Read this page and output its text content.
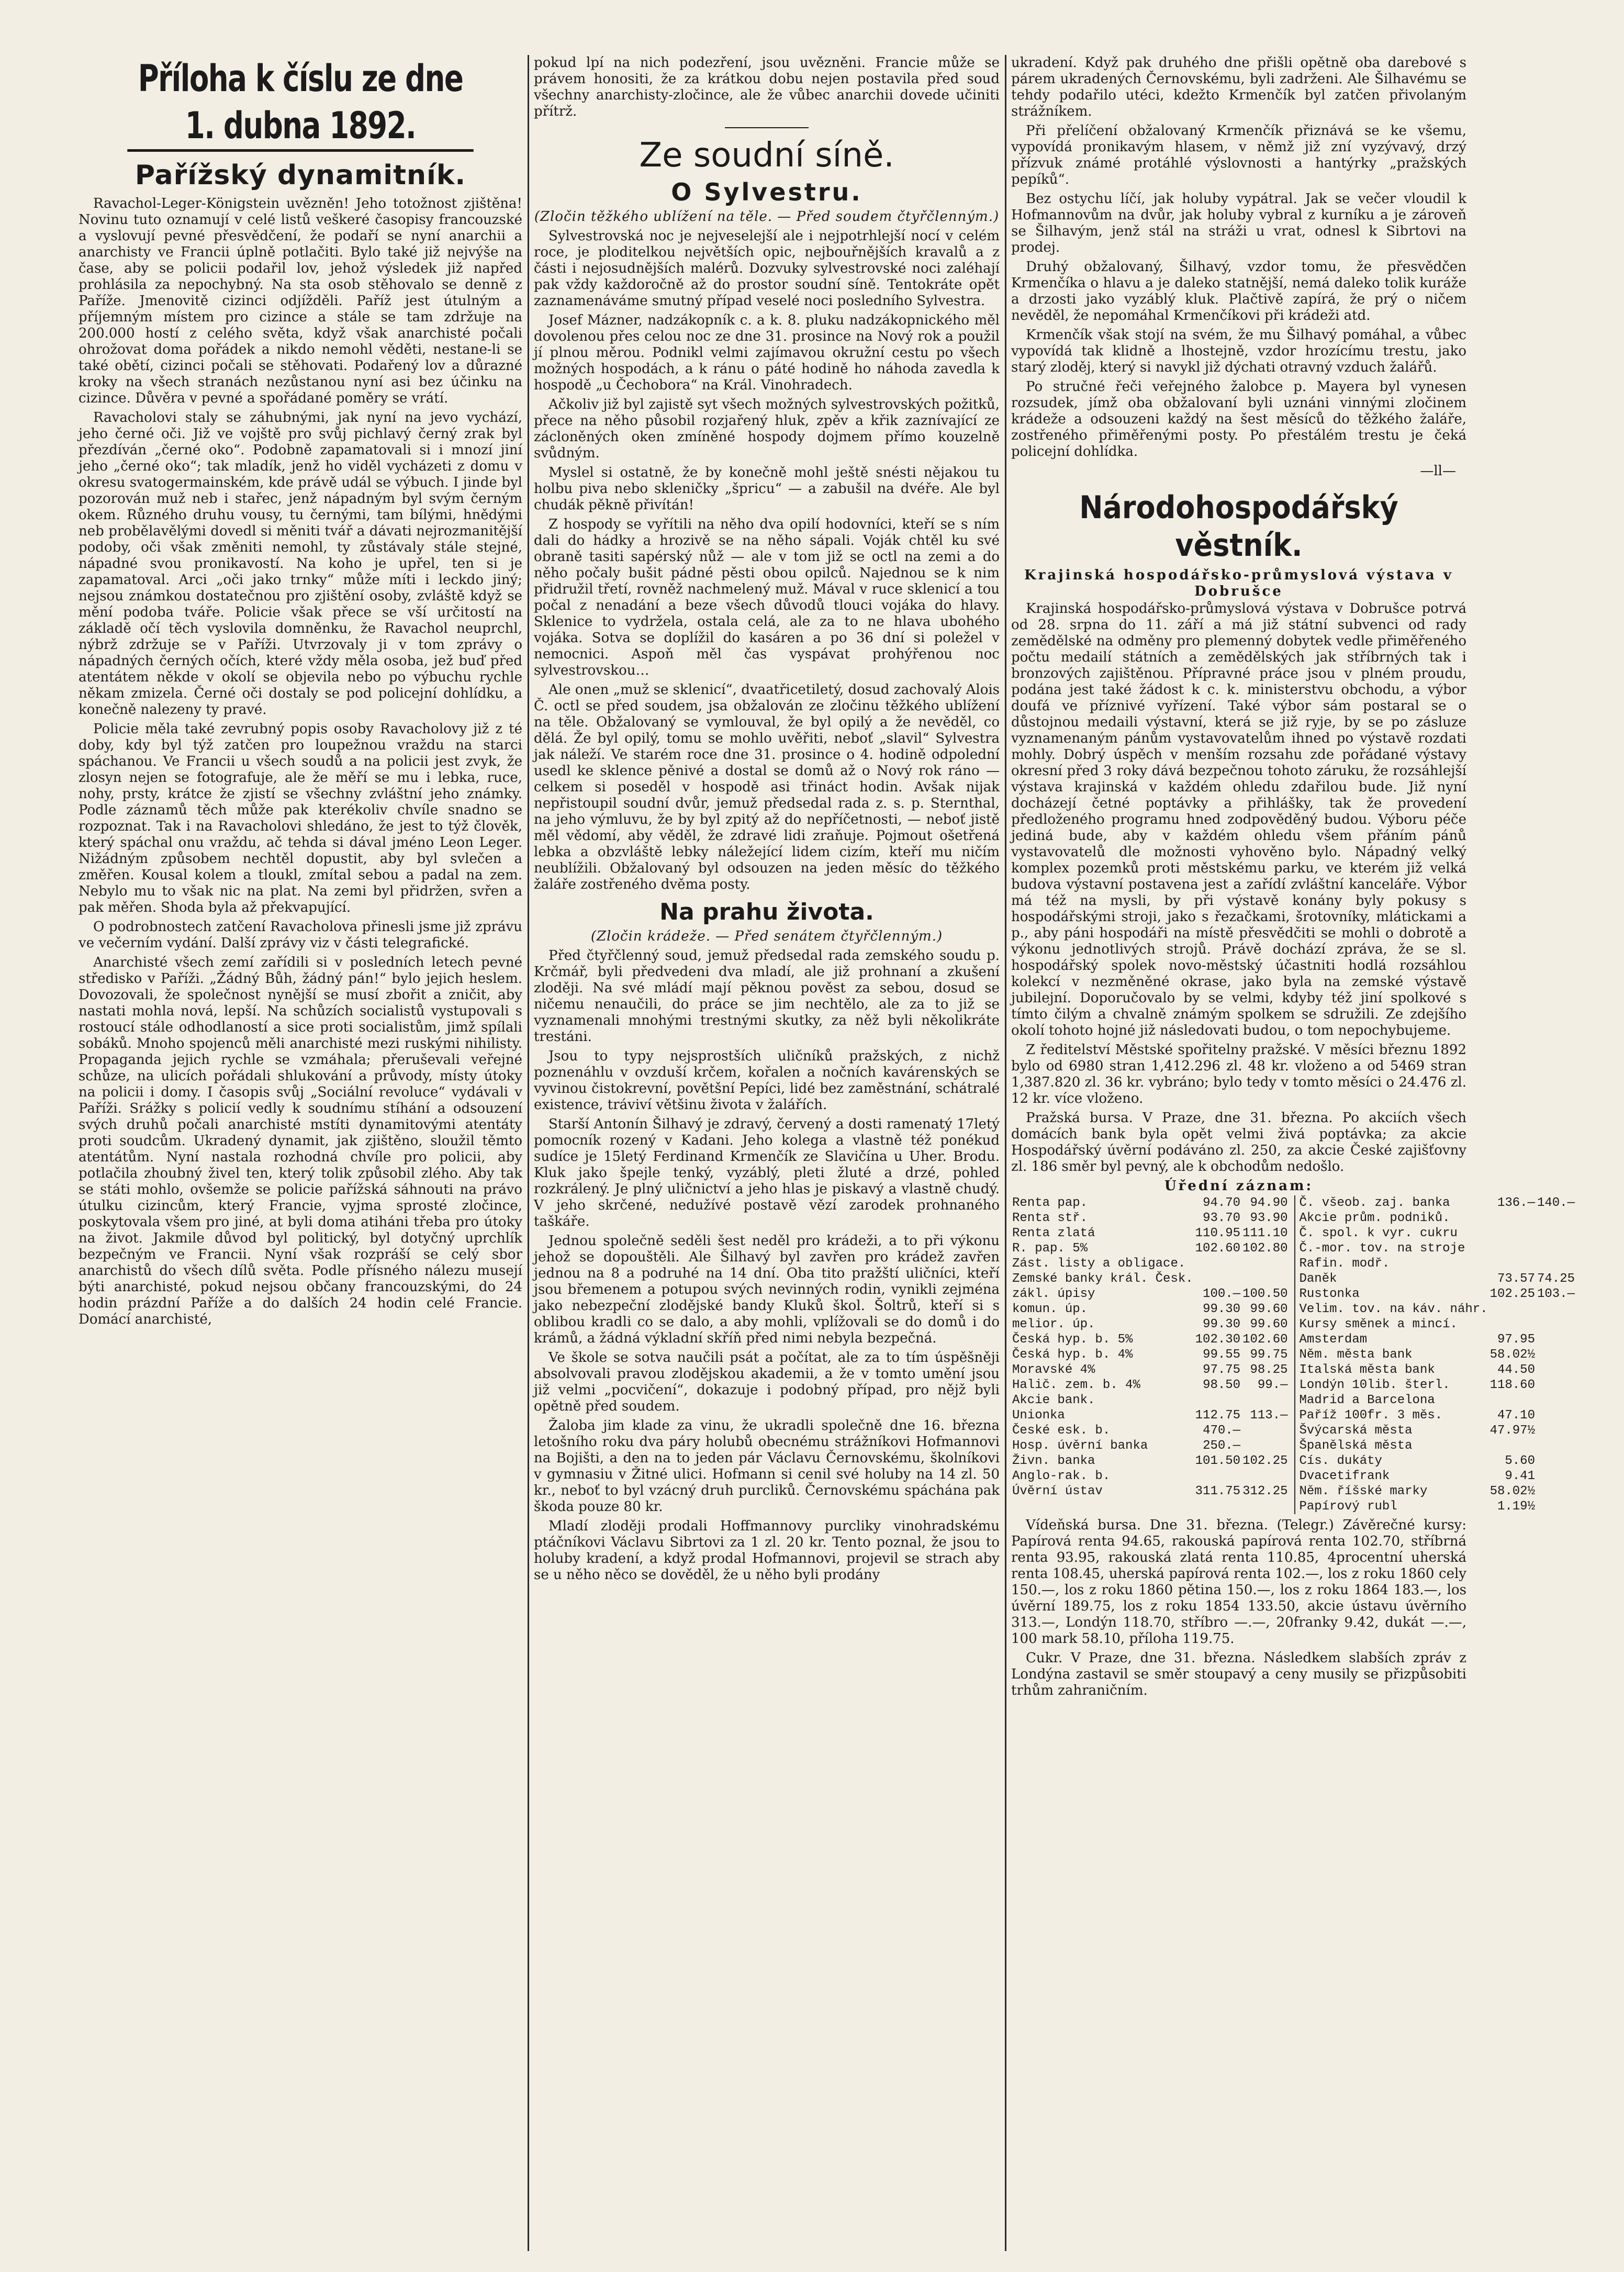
Příloha k číslu ze dne 1. dubna 1892.
Pařížský dynamitník.

Ravachol-Leger-Königstein uvězněn! Jeho totožnost zjištěna! Novinu tuto oznamují v celé listů veškeré časopisy francouzské a vyslovují pevné přesvědčení, že podaří se nyní anarchii a anarchisty ve Francii úplně potlačiti. Bylo také již nejvýše na čase, aby se policii podařil lov, jehož výsledek již napřed prohlásila za nepochybný. Na sta osob stěhovalo se denně z Paříže. Jmenovitě cizinci odjížděli. Paříž jest útulným a příjemným místem pro cizince a stále se tam zdržuje na 200.000 hostí z celého světa, když však anarchisté počali ohrožovat doma pořádek a nikdo nemohl věděti, nestane-li se také obětí, cizinci počali se stěhovati. Podařený lov a důrazné kroky na všech stranách nezůstanou nyní asi bez účinku na cizince. Důvěra v pevné a spořádané poměry se vrátí.

Ravacholovi staly se záhubnými, jak nyní na jevo vychází, jeho černé oči. Již ve vojště pro svůj pichlavý černý zrak byl přezdíván „černé oko“. Podobně zapamatovali si i mnozí jiní jeho „černé oko“; tak mladík, jenž ho viděl vycházeti z domu v okresu svatogermainském, kde právě udál se výbuch. I jinde byl pozorován muž neb i stařec, jenž nápadným byl svým černým okem. Různého druhu vousy, tu černými, tam bílými, hnědými neb probělavělými dovedl si měniti tvář a dávati nejrozmanitější podoby, oči však změniti nemohl, ty zůstávaly stále stejné, nápadné svou pronikavostí. Na koho je upřel, ten si je zapamatoval. Arci „oči jako trnky“ může míti i leckdo jiný; nejsou známkou dostatečnou pro zjištění osoby, zvláště když se mění podoba tváře. Policie však přece se vší určitostí na základě očí těch vyslovila domněnku, že Ravachol neuprchl, nýbrž zdržuje se v Paříži. Utvrzovaly ji v tom zprávy o nápadných černých očích, které vždy měla osoba, jež buď před atentátem někde v okolí se objevila nebo po výbuchu rychle někam zmizela. Černé oči dostaly se pod policejní dohlídku, a konečně nalezeny ty pravé.

Policie měla také zevrubný popis osoby Ravacholovy již z té doby, kdy byl týž zatčen pro loupežnou vraždu na starci spáchanou. Ve Francii u všech soudů a na policii jest zvyk, že zlosyn nejen se fotografuje, ale že měří se mu i lebka, ruce, nohy, prsty, krátce že zjistí se všechny zvláštní jeho známky. Podle záznamů těch může pak kterékoliv chvíle snadno se rozpoznat. Tak i na Ravacholovi shledáno, že jest to týž člověk, který spáchal onu vraždu, ač tehda si dával jméno Leon Leger. Nižádným způsobem nechtěl dopustit, aby byl svlečen a změřen. Kousal kolem a tloukl, zmítal sebou a padal na zem. Nebylo mu to však nic na plat. Na zemi byl přidržen, svřen a pak měřen. Shoda byla až překvapující.

O podrobnostech zatčení Ravacholova přinesli jsme již zprávu ve večerním vydání. Další zprávy viz v části telegrafické.

Anarchisté všech zemí zařídili si v posledních letech pevné středisko v Paříži. „Žádný Bůh, žádný pán!“ bylo jejich heslem. Dovozovali, že společnost nynější se musí zbořit a zničit, aby nastati mohla nová, lepší. Na schůzích socialistů vystupovali s rostoucí stále odhodlaností a sice proti socialistům, jimž spílali sobáků. Mnoho spojenců měli anarchisté mezi ruskými nihilisty. Propaganda jejich rychle se vzmáhala; přeruševali veřejné schůze, na ulicích pořádali shlukování a průvody, místy útoky na policii i domy. I časopis svůj „Sociální revoluce“ vydávali v Paříži. Srážky s policií vedly k soudnímu stíhání a odsouzení svých druhů počali anarchisté mstíti dynamitovými atentáty proti soudcům. Ukradený dynamit, jak zjištěno, sloužil těmto atentátům. Nyní nastala rozhodná chvíle pro policii, aby potlačila zhoubný živel ten, který tolik způsobil zlého. Aby tak se státi mohlo, ovšemže se policie pařížská sáhnouti na právo útulku cizincům, který Francie, vyjma sprosté zločince, poskytovala všem pro jiné, at byli doma atiháni třeba pro útoky na život. Jakmile důvod byl politický, byl dotyčný uprchlík bezpečným ve Francii. Nyní však rozpráší se celý sbor anarchistů do všech dílů světa. Podle přísného nálezu musejí býti anarchisté, pokud nejsou občany francouzskými, do 24 hodin prázdní Paříže a do dalších 24 hodin celé Francie. Domácí anarchisté,

pokud lpí na nich podezření, jsou uvězněni. Francie může se právem honositi, že za krátkou dobu nejen postavila před soud všechny anarchisty-zločince, ale že vůbec anarchii dovede učiniti přítrž.

Ze soudní síně.
O Sylvestru.
(Zločin těžkého ublížení na těle. — Před soudem čtyřčlenným.)

Sylvestrovská noc je nejveselejší ale i nejpotrhlejší nocí v celém roce, je ploditelkou největších opic, nejbouřnějších kravalů a z části i nejosudnějších malérů. Dozvuky sylvestrovské noci zaléhají pak vždy každoročně až do prostor soudní síně. Tentokráte opět zaznamenáváme smutný případ veselé noci posledního Sylvestra.

Josef Mázner, nadzákopník c. a k. 8. pluku nadzákopnického měl dovolenou přes celou noc ze dne 31. prosince na Nový rok a použil jí plnou měrou. Podnikl velmi zajímavou okružní cestu po všech možných hospodách, a k ránu o páté hodině ho náhoda zavedla k hospodě „u Čechobora“ na Král. Vinohradech.

Ačkoliv již byl zajistě syt všech možných sylvestrovských požitků, přece na něho působil rozjařený hluk, zpěv a křik zaznívající ze zácloněných oken zmíněné hospody dojmem přímo kouzelně svůdným.

Myslel si ostatně, že by konečně mohl ještě snésti nějakou tu holbu piva nebo skleničky „špricu“ — a zabušil na dvéře. Ale byl chudák pěkně přivítán!

Z hospody se vyřítili na něho dva opilí hodovníci, kteří se s ním dali do hádky a hrozivě se na něho sápali. Voják chtěl ku své obraně tasiti sapérský nůž — ale v tom již se octl na zemi a do něho počaly bušit pádné pěsti obou opilců. Najednou se k nim přidružil třetí, rovněž nachmelený muž. Mával v ruce sklenicí a tou počal z nenadání a beze všech důvodů tlouci vojáka do hlavy. Sklenice to vydržela, ostala celá, ale za to ne hlava ubohého vojáka. Sotva se doplížil do kasáren a po 36 dní si poležel v nemocnici. Aspoň měl čas vyspávat prohýřenou noc sylvestrovskou…

Ale onen „muž se sklenicí“, dvaatřicetiletý, dosud zachovalý Alois Č. octl se před soudem, jsa obžalován ze zločinu těžkého ublížení na těle. Obžalovaný se vymlouval, že byl opilý a že nevěděl, co dělá. Že byl opilý, tomu se mohlo uvěřiti, neboť „slavil“ Sylvestra jak náleží. Ve starém roce dne 31. prosince o 4. hodině odpolední usedl ke sklence pěnivé a dostal se domů až o Nový rok ráno — celkem si poseděl v hospodě asi třináct hodin. Avšak nijak nepřistoupil soudní dvůr, jemuž předsedal rada z. s. p. Sternthal, na jeho výmluvu, že by byl zpitý až do nepříčetnosti, — neboť jistě měl vědomí, aby věděl, že zdravé lidi zraňuje. Pojmout ošetřená lebka a obzvláště lebky náležející lidem cizím, kteří mu ničím neublížili. Obžalovaný byl odsouzen na jeden měsíc do těžkého žaláře zostřeného dvěma posty.

Na prahu života.
(Zločin krádeže. — Před senátem čtyřčlenným.)

Před čtyřčlenný soud, jemuž předsedal rada zemského soudu p. Krčmář, byli předvedeni dva mladí, ale již prohnaní a zkušení zloději. Na své mládí mají pěknou pověst za sebou, dosud se ničemu nenaučili, do práce se jim nechtělo, ale za to již se vyznamenali mnohými trestnými skutky, za něž byli několikráte trestáni.

Jsou to typy nejsprostších uličníků pražských, z nichž poznenáhlu v ovzduší krčem, kořalen a nočních kavárenských se vyvinou čistokrevní, povětšní Pepíci, lidé bez zaměstnání, schátralé existence, tráviví většinu života v žalářích.

Starší Antonín Šilhavý je zdravý, červený a dosti ramenatý 17letý pomocník rozený v Kadani. Jeho kolega a vlastně též ponékud sudíce je 15letý Ferdinand Krmenčík ze Slavičína u Uher. Brodu. Kluk jako špejle tenký, vyzáblý, pleti žluté a drzé, pohled rozkrálený. Je plný uličnictví a jeho hlas je piskavý a vlastně chudý. V jeho skrčené, nedužívé postavě vězí zarodek prohnaného taškáře.

Jednou společně seděli šest neděl pro krádeži, a to při výkonu jehož se dopouštěli. Ale Šilhavý byl zavřen pro krádež zavřen jednou na 8 a podruhé na 14 dní. Oba tito pražští uličníci, kteří jsou břemenem a potupou svých nevinných rodin, vynikli zejména jako nebezpeční zlodějské bandy Kluků škol. Šoltrů, kteří si s oblibou kradli co se dalo, a aby mohli, vplížovali se do domů i do krámů, a žádná výkladní skříň před nimi nebyla bezpečná.

Ve škole se sotva naučili psát a počítat, ale za to tím úspěšněji absolvovali pravou zlodějskou akademii, a že v tomto umění jsou již velmi „pocvičení“, dokazuje i podobný případ, pro nějž byli opětně před soudem.

Žaloba jim klade za vinu, že ukradli společně dne 16. března letošního roku dva páry holubů obecnému strážníkovi Hofmannovi na Bojišti, a den na to jeden pár Václavu Černovskému, školníkovi v gymnasiu v Žitné ulici. Hofmann si cenil své holuby na 14 zl. 50 kr., neboť to byl vzácný druh purcliků. Černovskému spáchána pak škoda pouze 80 kr.

Mladí zloději prodali Hoffmannovy purcliky vinohradskému ptáčníkovi Václavu Sibrtovi za 1 zl. 20 kr. Tento poznal, že jsou to holuby kradení, a když prodal Hofmannovi, projevil se strach aby se u něho něco se dověděl, že u něho byli prodány

ukradení. Když pak druhého dne přišli opětně oba darebové s párem ukradených Černovskému, byli zadrženi. Ale Šilhavému se tehdy podařilo utéci, kdežto Krmenčík byl zatčen přivolaným strážníkem.

Při přelíčení obžalovaný Krmenčík přiznává se ke všemu, vypovídá pronikavým hlasem, v němž již zní vyzývavý, drzý přízvuk známé protáhlé výslovnosti a hantýrky „pražských pepíků“.

Bez ostychu líčí, jak holuby vypátral. Jak se večer vloudil k Hofmannovům na dvůr, jak holuby vybral z kurníku a je zároveň se Šilhavým, jenž stál na stráži u vrat, odnesl k Sibrtovi na prodej.

Druhý obžalovaný, Šilhavý, vzdor tomu, že přesvědčen Krmenčíka o hlavu a je daleko statnější, nemá daleko tolik kuráže a drzosti jako vyzáblý kluk. Plačtivě zapírá, že prý o ničem nevěděl, že nepomáhal Krmenčíkovi při krádeži atd.

Krmenčík však stojí na svém, že mu Šilhavý pomáhal, a vůbec vypovídá tak klidně a lhostejně, vzdor hrozícímu trestu, jako starý zloděj, který si navykl již dýchati otravný vzduch žalářů.

Po stručné řeči veřejného žalobce p. Mayera byl vynesen rozsudek, jímž oba obžalovaní byli uznáni vinnými zločinem krádeže a odsouzeni každý na šest měsíců do těžkého žaláře, zostřeného přiměřenými posty. Po přestálém trestu je čeká policejní dohlídka.

—ll—
Národohospodářský věstník.
Krajinská hospodářsko-průmyslová výstava v Dobrušce

Krajinská hospodářsko-průmyslová výstava v Dobrušce potrvá od 28. srpna do 11. září a má již státní subvenci od rady zemědělské na odměny pro plemenný dobytek vedle přiměřeného počtu medailí státních a zemědělských jak stříbrných tak i bronzových zajištěnou. Přípravné práce jsou v plném proudu, podána jest také žádost k c. k. ministerstvu obchodu, a výbor doufá ve příznivé vyřízení. Také výbor sám postaral se o důstojnou medaili výstavní, která se již ryje, by se po zásluze vyznamenaným pánům vystavovatelům ihned po výstavě rozdati mohly. Dobrý úspěch v menším rozsahu zde pořádané výstavy okresní před 3 roky dává bezpečnou tohoto záruku, že rozsáhlejší výstava krajinská v každém ohledu zdařilou bude. Již nyní docházejí četné poptávky a přihlášky, tak že provedení předloženého programu hned zodpověděný budou. Výboru péče jediná bude, aby v každém ohledu všem přáním pánů vystavovatelů dle možnosti vyhověno bylo. Nápadný velký komplex pozemků proti městskému parku, ve kterém již velká budova výstavní postavena jest a zařídí zvláštní kanceláře. Výbor má též na mysli, by při výstavě konány byly pokusy s hospodářskými stroji, jako s řezačkami, šrotovníky, mlátickami a p., aby páni hospodáři na místě přesvědčiti se mohli o dobrotě a výkonu jednotlivých strojů. Právě dochází zpráva, že se sl. hospodářský spolek novo-městský účastniti hodlá rozsáhlou kolekcí v nezměněné okrase, jako byla na zemské výstavě jubilejní. Doporučovalo by se velmi, kdyby též jiní spolkové s tímto čilým a chvalně známým spolkem se sdružili. Ze zdejšího okolí tohoto hojné již následovati budou, o tom nepochybujeme.

Z ředitelství Městské spořitelny pražské. V měsíci březnu 1892 bylo od 6980 stran 1,412.296 zl. 48 kr. vloženo a od 5469 stran 1,387.820 zl. 36 kr. vybráno; bylo tedy v tomto měsíci o 24.476 zl. 12 kr. více vloženo.

Pražská bursa. V Praze, dne 31. března. Po akciích všech domácích bank byla opět velmi živá poptávka; za akcie Hospodářský úvěrní podáváno zl. 250, za akcie České zajišťovny zl. 186 směr byl pevný, ale k obchodům nedošlo.

Úřední záznam:
Renta pap.	94.70	94.90
Renta stř.	93.70	93.90
Renta zlatá	110.95	111.10
R. pap. 5%	102.60	102.80
Zást. listy a obligace.		
Zemské banky král. Česk.		
zákl. úpisy	100.—	100.50
komun. úp.	99.30	99.60
melior. úp.	99.30	99.60
Česká hyp. b. 5%	102.30	102.60
Česká hyp. b. 4%	99.55	99.75
Moravské 4%	97.75	98.25
Halič. zem. b. 4%	98.50	99.—
Akcie bank.		
Unionka	112.75	113.—
České esk. b.	470.—	
Hosp. úvěrní banka	250.—	
Živn. banka	101.50	102.25
Anglo-rak. b.		
Úvěrní ústav	311.75	312.25
Č. všeob. zaj. banka	136.—	140.—
Akcie prům. podniků.		
Č. spol. k vyr. cukru		
Č.-mor. tov. na stroje		
Rafin. modř.		
Daněk	73.57	74.25
Rustonka	102.25	103.—
Velim. tov. na káv. náhr.		
Kursy směnek a mincí.		
Amsterdam	97.95	
Něm. města bank	58.02½	
Italská města bank	44.50	
Londýn 10lib. šterl.	118.60	
Madrid a Barcelona		
Paříž 100fr. 3 měs.	47.10	
Švýcarská města	47.97½	
Španělská města		
Cís. dukáty	5.60	
Dvacetifrank	9.41	
Něm. říšské marky	58.02½	
Papírový rubl	1.19½	

Vídeňská bursa. Dne 31. března. (Telegr.) Závěrečné kursy: Papírová renta 94.65, rakouská papírová renta 102.70, stříbrná renta 93.95, rakouská zlatá renta 110.85, 4procentní uherská renta 108.45, uherská papírová renta 102.—, los z roku 1860 cely 150.—, los z roku 1860 pětina 150.—, los z roku 1864 183.—, los úvěrní 189.75, los z roku 1854 133.50, akcie ústavu úvěrního 313.—, Londýn 118.70, stříbro —.—, 20franky 9.42, dukát —.—, 100 mark 58.10, příloha 119.75.

Cukr. V Praze, dne 31. března. Následkem slabších zpráv z Londýna zastavil se směr stoupavý a ceny musily se přizpůsobiti trhům zahraničním.
